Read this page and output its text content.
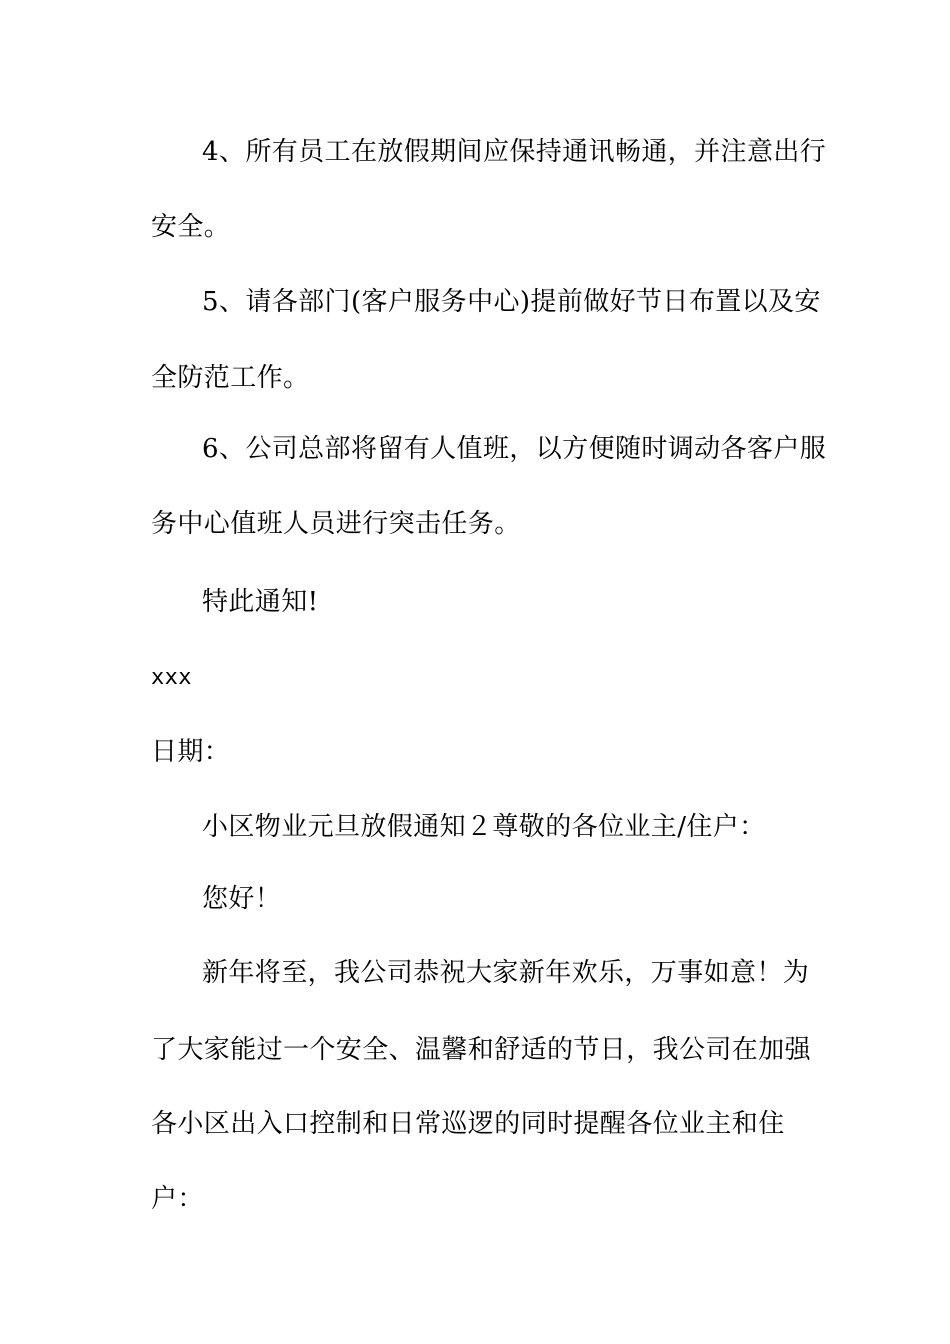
4、所有员工在放假期间应保持通讯畅通，并注意出行
安全。
5、请各部门(客户服务中心)提前做好节日布置以及安
全防范工作。
6、公司总部将留有人值班，以方便随时调动各客户服
务中心值班人员进行突击任务。
特此通知!
xxx
日期：
小区物业元旦放假通知２尊敬的各位业主/住户：
您好！
新年将至，我公司恭祝大家新年欢乐，万事如意！为
了大家能过一个安全、温馨和舒适的节日，我公司在加强
各小区出入口控制和日常巡逻的同时提醒各位业主和住
户：
